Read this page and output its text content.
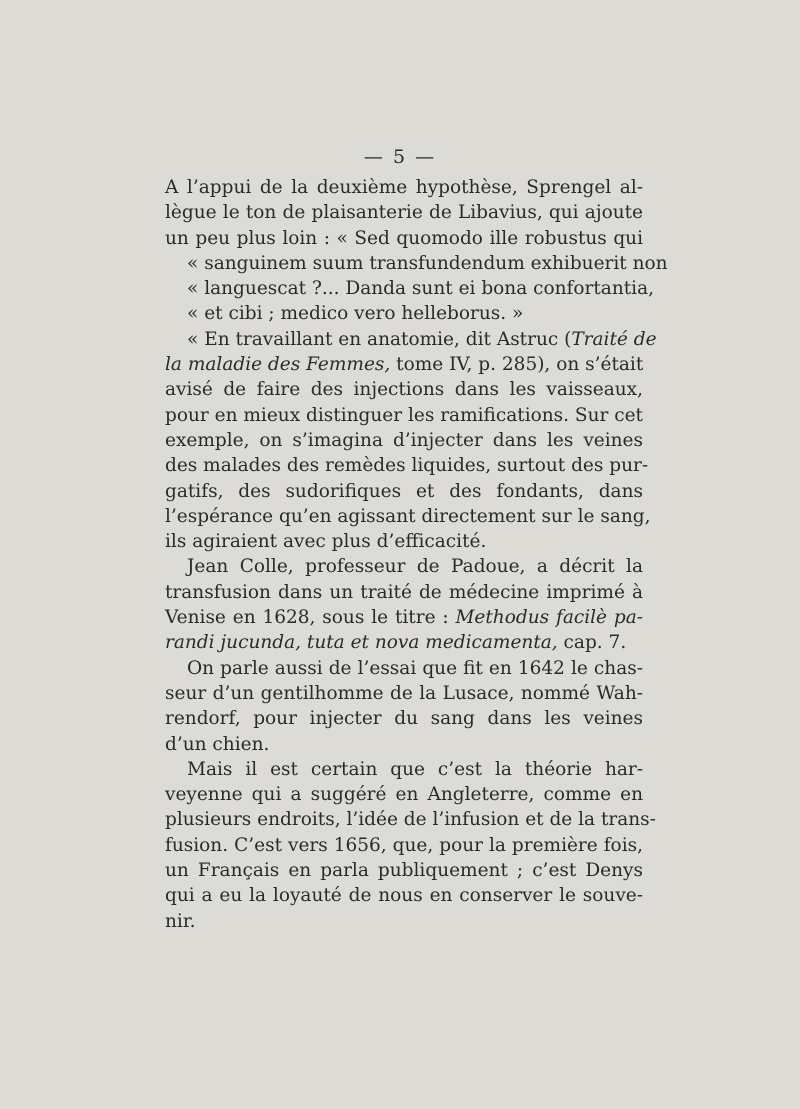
— 5 —
A l’appui de la deuxième hypothèse, Sprengel al-
lègue le ton de plaisanterie de Libavius, qui ajoute
un peu plus loin : « Sed quomodo ille robustus qui
« sanguinem suum transfundendum exhibuerit non
« languescat ?... Danda sunt ei bona confortantia,
« et cibi ; medico vero helleborus. »
« En travaillant en anatomie, dit Astruc (Traité de
la maladie des Femmes, tome IV, p. 285), on s’était
avisé de faire des injections dans les vaisseaux,
pour en mieux distinguer les ramifications. Sur cet
exemple, on s’imagina d’injecter dans les veines
des malades des remèdes liquides, surtout des pur-
gatifs, des sudorifiques et des fondants, dans
l’espérance qu’en agissant directement sur le sang,
ils agiraient avec plus d’efficacité.
Jean Colle, professeur de Padoue, a décrit la
transfusion dans un traité de médecine imprimé à
Venise en 1628, sous le titre : Methodus facilè pa-
randi jucunda, tuta et nova medicamenta, cap. 7.
On parle aussi de l’essai que fit en 1642 le chas-
seur d’un gentilhomme de la Lusace, nommé Wah-
rendorf, pour injecter du sang dans les veines
d’un chien.
Mais il est certain que c’est la théorie har-
veyenne qui a suggéré en Angleterre, comme en
plusieurs endroits, l’idée de l’infusion et de la trans-
fusion. C’est vers 1656, que, pour la première fois,
un Français en parla publiquement ; c’est Denys
qui a eu la loyauté de nous en conserver le souve-
nir.
